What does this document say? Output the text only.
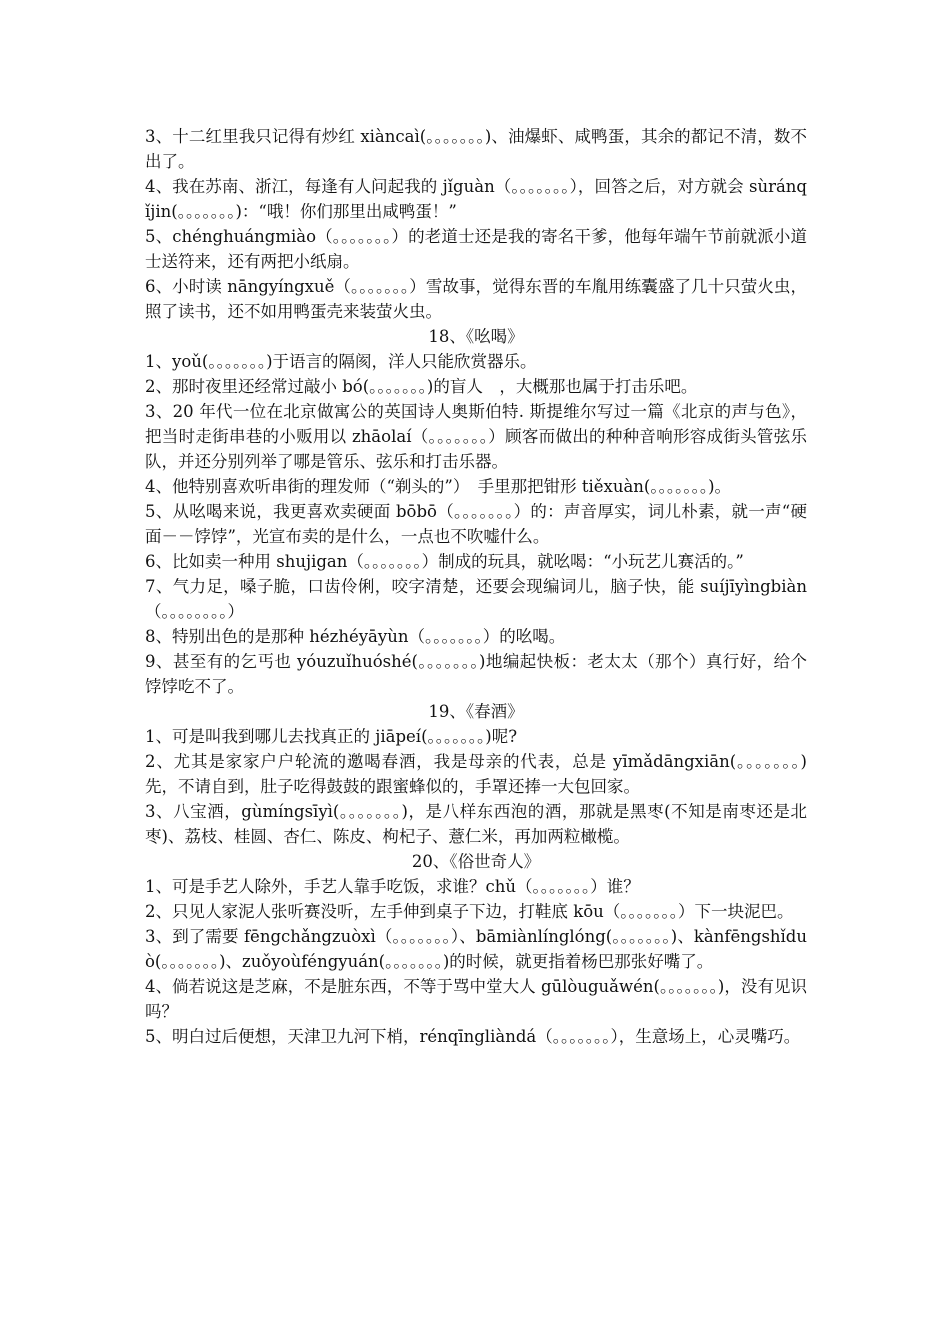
3、十二红里我只记得有炒红 xiàncaì(。。。。。。。)、油爆虾、咸鸭蛋，其余的都记不清，数不出了。

4、我在苏南、浙江，每逢有人问起我的 jǐguàn（。。。。。。。），回答之后，对方就会 sùránqǐjin(。。。。。。。)：“哦！你们那里出咸鸭蛋！”

5、chénghuángmiào（。。。。。。。）的老道士还是我的寄名干爹，他每年端午节前就派小道士送符来，还有两把小纸扇。

6、小时读 nāngyíngxuě（。。。。。。。）雪故事，觉得东晋的车胤用练囊盛了几十只萤火虫，照了读书，还不如用鸭蛋壳来装萤火虫。

18、《吆喝》

1、yoǔ(。。。。。。。)于语言的隔阂，洋人只能欣赏器乐。

2、那时夜里还经常过敲小 bó(。。。。。。。)的盲人　，大概那也属于打击乐吧。

3、20 年代一位在北京做寓公的英国诗人奥斯伯特. 斯提维尔写过一篇《北京的声与色》，把当时走街串巷的小贩用以 zhāolaí（。。。。。。。）顾客而做出的种种音响形容成街头管弦乐队，并还分别列举了哪是管乐、弦乐和打击乐器。

4、他特别喜欢听串街的理发师（“剃头的”）　手里那把钳形 tiěxuàn(。。。。。。。)。

5、从吆喝来说，我更喜欢卖硬面 bōbō（。。。。。。。）的：声音厚实，词儿朴素，就一声“硬面－－饽饽”，光宣布卖的是什么，一点也不吹嘘什么。

6、比如卖一种用 shujigan（。。。。。。。）制成的玩具，就吆喝：“小玩艺儿赛活的。”

7、气力足，嗓子脆，口齿伶俐，咬字清楚，还要会现编词儿，脑子快，能 suíjīyìngbiàn（。。。。。。。。）

8、特别出色的是那种 hézhéyāyùn（。。。。。。。）的吆喝。

9、甚至有的乞丐也 yóuzuǐhuóshé(。。。。。。。)地编起快板：老太太（那个）真行好，给个饽饽吃不了。

19、《春酒》

1、可是叫我到哪儿去找真正的 jiāpeí(。。。。。。。)呢?

2、尤其是家家户户轮流的邀喝春酒，我是母亲的代表，总是 yīmǎdāngxiān(。。。。。。。)先，不请自到，肚子吃得鼓鼓的跟蜜蜂似的，手罩还捧一大包回家。

3、八宝酒，gùmíngsīyì(。。。。。。。)，是八样东西泡的酒，那就是黑枣(不知是南枣还是北枣)、荔枝、桂圆、杏仁、陈皮、枸杞子、薏仁米，再加两粒橄榄。

20、《俗世奇人》

1、可是手艺人除外，手艺人靠手吃饭，求谁？chǔ（。。。。。。。）谁？

2、只见人家泥人张听赛没听，左手伸到桌子下边，打鞋底 kōu（。。。。。。。）下一块泥巴。

3、到了需要 fēngchǎngzuòxì（。。。。。。。）、bāmiànlínglóng(。。。。。。。)、kànfēngshǐduò(。。。。。。。)、zuǒyoùféngyuán(。。。。。。。)的时候，就更指着杨巴那张好嘴了。

4、倘若说这是芝麻，不是脏东西，不等于骂中堂大人 gūlòuguǎwén(。。。。。。。)，没有见识吗？

5、明白过后便想，天津卫九河下梢，rénqīngliàndá（。。。。。。。），生意场上，心灵嘴巧。
